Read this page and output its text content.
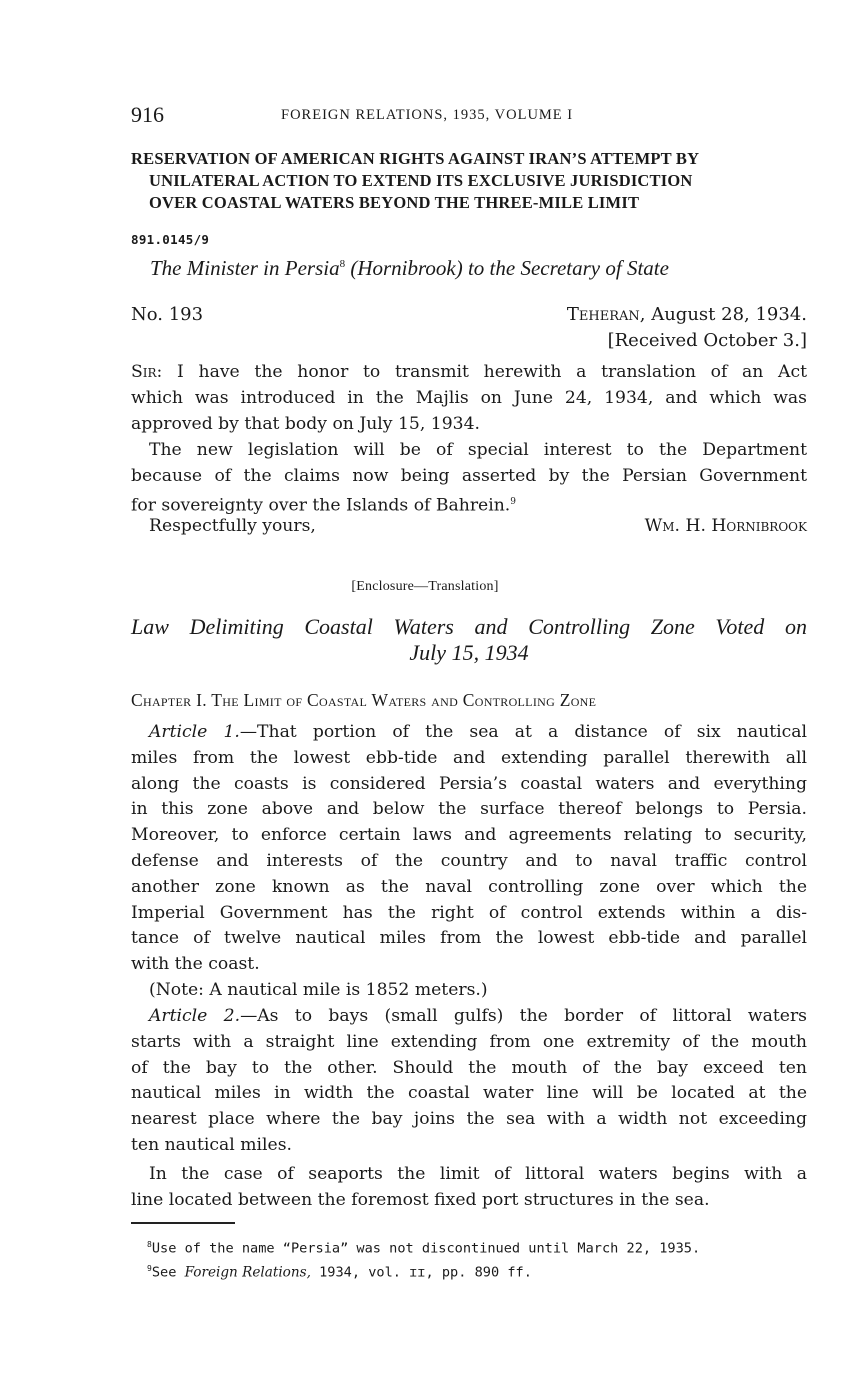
916	FOREIGN RELATIONS, 1935, VOLUME I
RESERVATION OF AMERICAN RIGHTS AGAINST IRAN’S ATTEMPT BY
UNILATERAL ACTION TO EXTEND ITS EXCLUSIVE JURISDICTION
OVER COASTAL WATERS BEYOND THE THREE-MILE LIMIT
891.0145/9
The Minister in Persia$^8$ (Hornibrook) to the Secretary of State
No. 193	Teheran, August 28, 1934.
[Received October 3.]
Sir: I have the honor to transmit herewith a translation of an Act
which was introduced in the Majlis on June 24, 1934, and which was
approved by that body on July 15, 1934.
The new legislation will be of special interest to the Department
because of the claims now being asserted by the Persian Government
for sovereignty over the Islands of Bahrein.$^9$
Respectfully yours,	Wm. H. Hornibrook
[Enclosure—Translation]
Law Delimiting Coastal Waters and Controlling Zone Voted on
July 15, 1934
Chapter I. The Limit of Coastal Waters and Controlling Zone
Article 1.—That portion of the sea at a distance of six nautical
miles from the lowest ebb-tide and extending parallel therewith all
along the coasts is considered Persia’s coastal waters and everything
in this zone above and below the surface thereof belongs to Persia.
Moreover, to enforce certain laws and agreements relating to security,
defense and interests of the country and to naval traffic control
another zone known as the naval controlling zone over which the
Imperial Government has the right of control extends within a dis-
tance of twelve nautical miles from the lowest ebb-tide and parallel
with the coast.
(Note: A nautical mile is 1852 meters.)
Article 2.—As to bays (small gulfs) the border of littoral waters
starts with a straight line extending from one extremity of the mouth
of the bay to the other. Should the mouth of the bay exceed ten
nautical miles in width the coastal water line will be located at the
nearest place where the bay joins the sea with a width not exceeding
ten nautical miles.
In the case of seaports the limit of littoral waters begins with a
line located between the foremost fixed port structures in the sea.
$^8$Use of the name “Persia” was not discontinued until March 22, 1935.
$^9$See Foreign Relations, 1934, vol. ɪɪ, pp. 890 ff.
